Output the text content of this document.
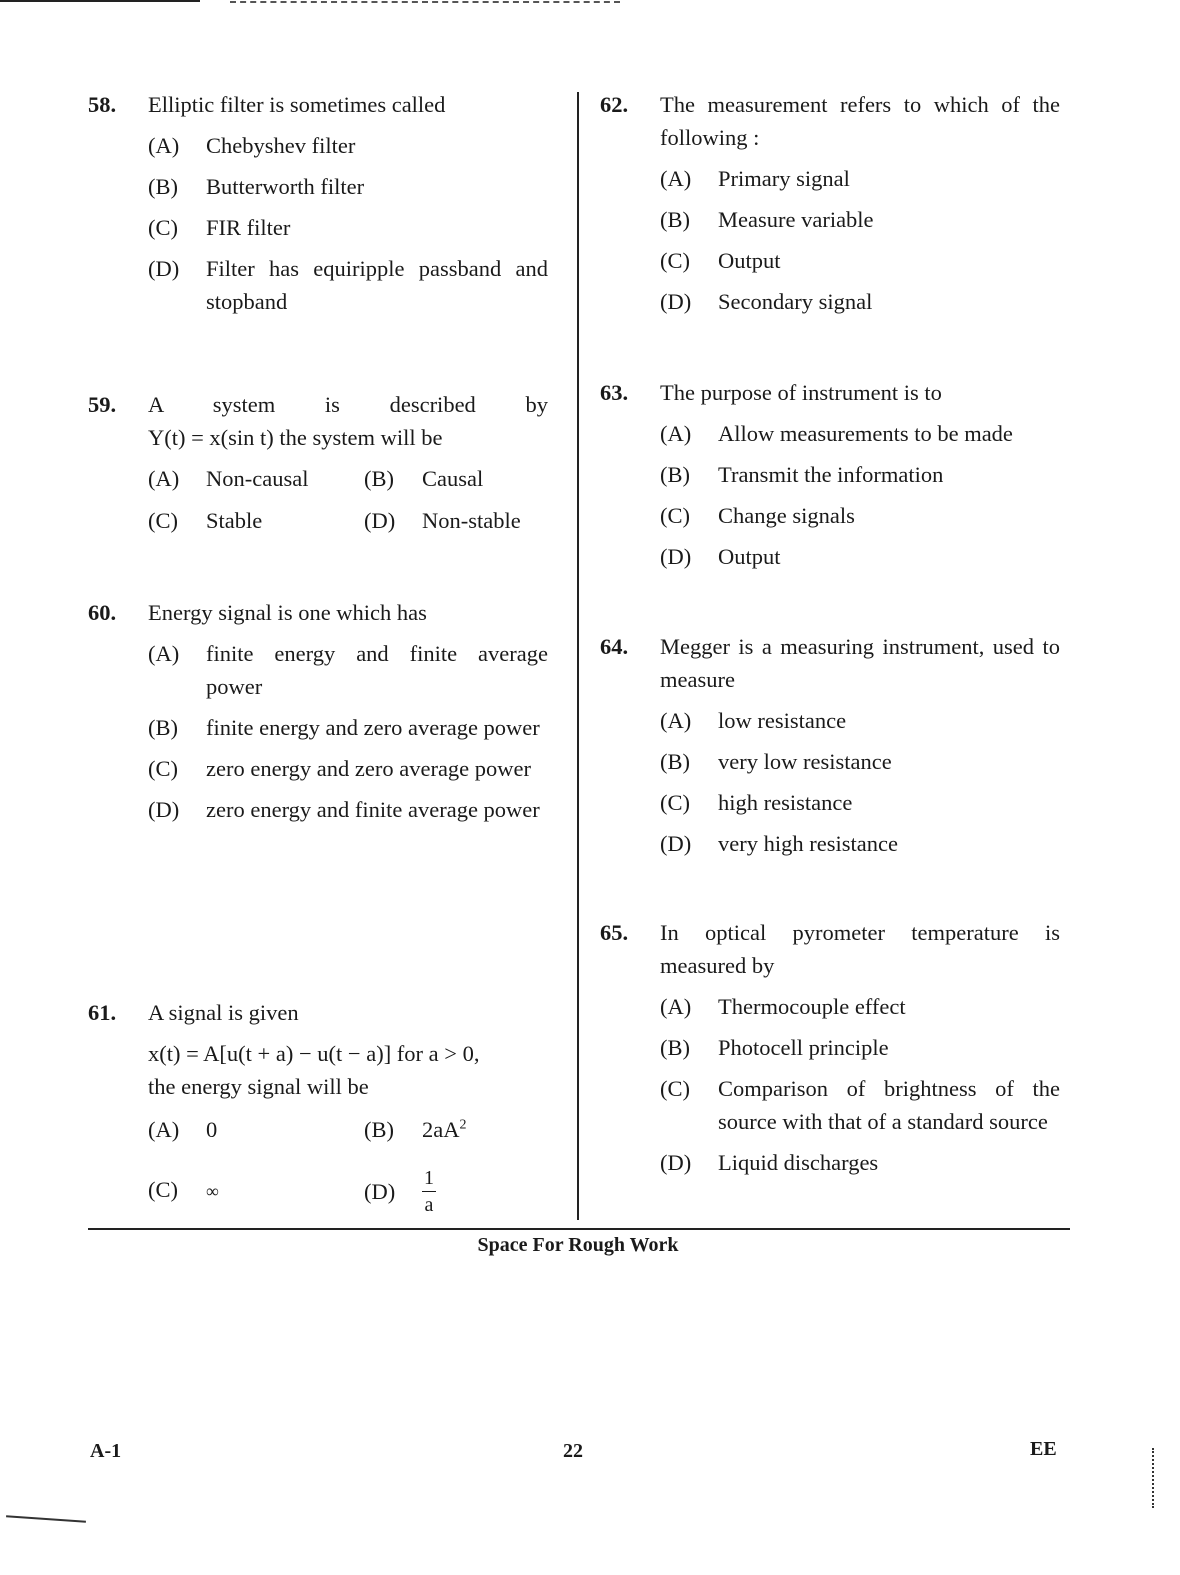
58.	Elliptic filter is sometimes called
(A) Chebyshev filter
(B) Butterworth filter
(C) FIR filter
(D) Filter has equiripple passband and stopband
59.	A system is described by
Y(t) = x(sin t) the system will be
(A) Non-causal (B) Causal
(C) Stable	(D) Non-stable
60.	Energy signal is one which has
(A) finite energy and finite average power
(B) finite energy and zero average power
(C) zero energy and zero average power
(D) zero energy and finite average power
61.	A signal is given
x(t) = A[u(t + a) − u(t − a)] for a > 0,
the energy signal will be
(A) 0	(B) $2aA^2$
(C) ∞	$(D) \frac{1}{a}$
62.	The measurement refers to which of the following :
(A) Primary signal
(B) Measure variable
(C) Output
(D) Secondary signal
63.	The purpose of instrument is to
(A) Allow measurements to be made
(B) Transmit the information
(C) Change signals
(D) Output
64.	Megger is a measuring instrument, used to measure
(A) low resistance
(B) very low resistance
(C) high resistance
(D) very high resistance
65.	In optical pyrometer temperature is measured by
(A) Thermocouple effect
(B) Photocell principle
(C) Comparison of brightness of the source with that of a standard source
(D) Liquid discharges
Space For Rough Work
A-1	22	EE
